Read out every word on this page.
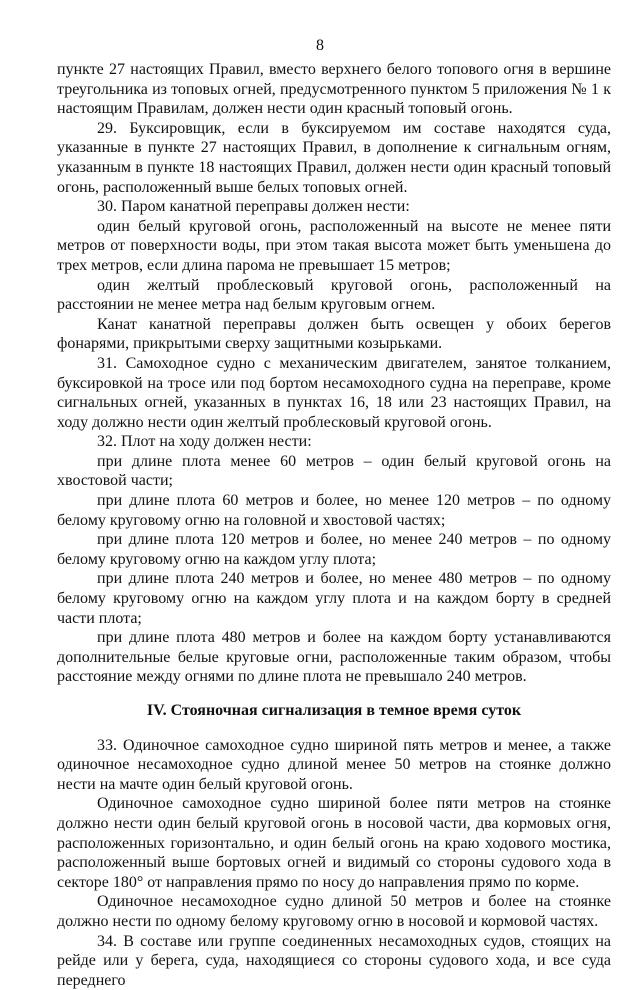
8

пункте 27 настоящих Правил, вместо верхнего белого топового огня в вершине треугольника из топовых огней, предусмотренного пунктом 5 приложения № 1 к настоящим Правилам, должен нести один красный топовый огонь.

29. Буксировщик, если в буксируемом им составе находятся суда, указанные в пункте 27 настоящих Правил, в дополнение к сигнальным огням, указанным в пункте 18 настоящих Правил, должен нести один красный топовый огонь, расположенный выше белых топовых огней.

30. Паром канатной переправы должен нести:

один белый круговой огонь, расположенный на высоте не менее пяти метров от поверхности воды, при этом такая высота может быть уменьшена до трех метров, если длина парома не превышает 15 метров;

один желтый проблесковый круговой огонь, расположенный на расстоянии не менее метра над белым круговым огнем.

Канат канатной переправы должен быть освещен у обоих берегов фонарями, прикрытыми сверху защитными козырьками.

31. Самоходное судно с механическим двигателем, занятое толканием, буксировкой на тросе или под бортом несамоходного судна на переправе, кроме сигнальных огней, указанных в пунктах 16, 18 или 23 настоящих Правил, на ходу должно нести один желтый проблесковый круговой огонь.

32. Плот на ходу должен нести:

при длине плота менее 60 метров – один белый круговой огонь на хвостовой части;

при длине плота 60 метров и более, но менее 120 метров – по одному белому круговому огню на головной и хвостовой частях;

при длине плота 120 метров и более, но менее 240 метров – по одному белому круговому огню на каждом углу плота;

при длине плота 240 метров и более, но менее 480 метров – по одному белому круговому огню на каждом углу плота и на каждом борту в средней части плота;

при длине плота 480 метров и более на каждом борту устанавливаются дополнительные белые круговые огни, расположенные таким образом, чтобы расстояние между огнями по длине плота не превышало 240 метров.

IV. Стояночная сигнализация в темное время суток

33. Одиночное самоходное судно шириной пять метров и менее, а также одиночное несамоходное судно длиной менее 50 метров на стоянке должно нести на мачте один белый круговой огонь.

Одиночное самоходное судно шириной более пяти метров на стоянке должно нести один белый круговой огонь в носовой части, два кормовых огня, расположенных горизонтально, и один белый огонь на краю ходового мостика, расположенный выше бортовых огней и видимый со стороны судового хода в секторе 180° от направления прямо по носу до направления прямо по корме.

Одиночное несамоходное судно длиной 50 метров и более на стоянке должно нести по одному белому круговому огню в носовой и кормовой частях.

34. В составе или группе соединенных несамоходных судов, стоящих на рейде или у берега, суда, находящиеся со стороны судового хода, и все суда переднего
